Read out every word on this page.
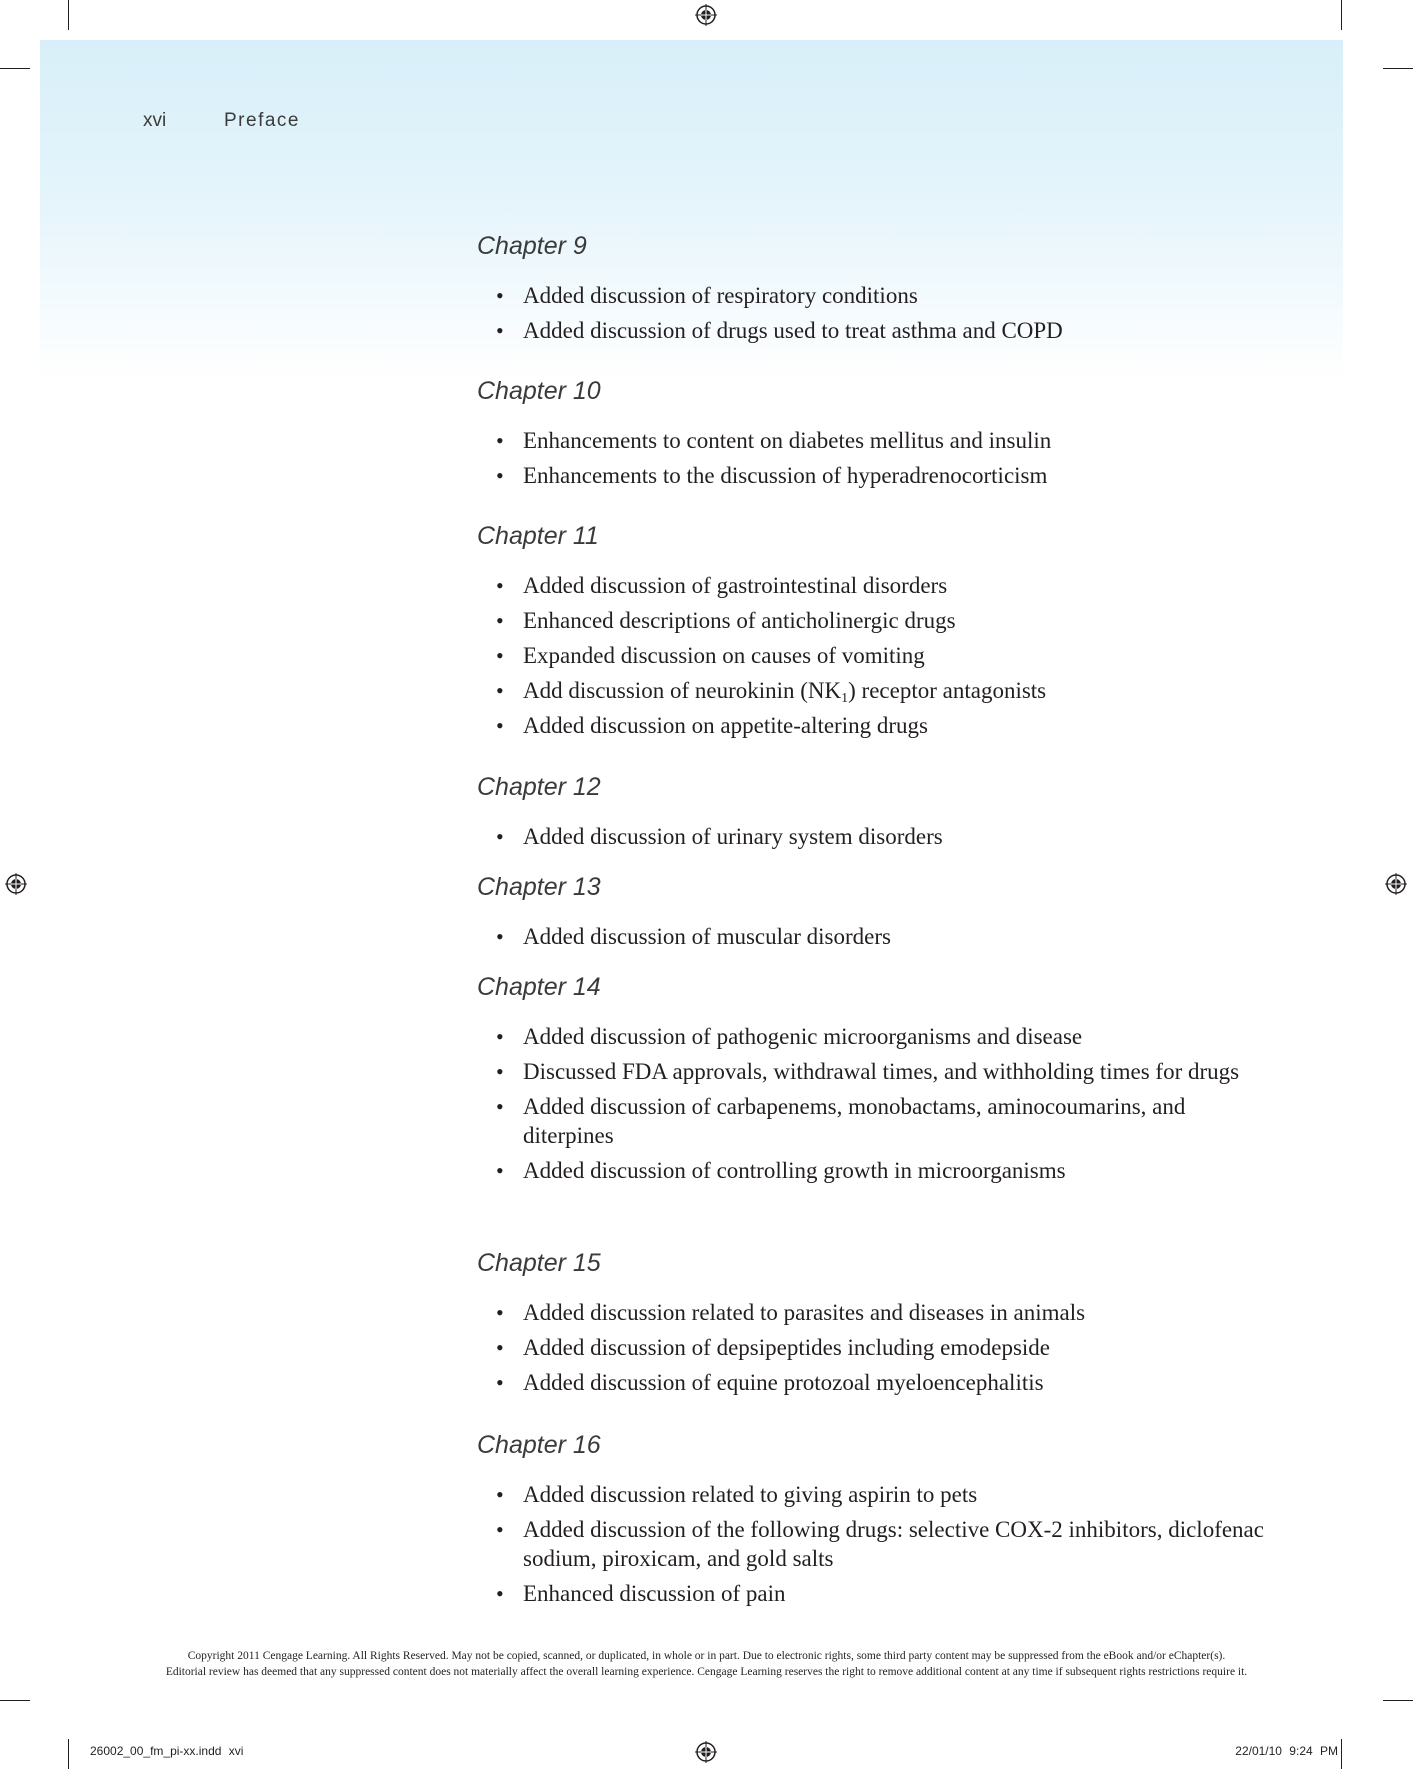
xvi	Preface
Chapter 9
• Added discussion of respiratory conditions
• Added discussion of drugs used to treat asthma and COPD
Chapter 10
• Enhancements to content on diabetes mellitus and insulin
• Enhancements to the discussion of hyperadrenocorticism
Chapter 11
• Added discussion of gastrointestinal disorders
• Enhanced descriptions of anticholinergic drugs
• Expanded discussion on causes of vomiting
• Add discussion of neurokinin $(NK_1)$ receptor antagonists
• Added discussion on appetite-altering drugs
Chapter 12
• Added discussion of urinary system disorders
Chapter 13
• Added discussion of muscular disorders
Chapter 14
• Added discussion of pathogenic microorganisms and disease
• Discussed FDA approvals, withdrawal times, and withholding times for drugs
• Added discussion of carbapenems, monobactams, aminocoumarins, and diterpines
• Added discussion of controlling growth in microorganisms
Chapter 15
• Added discussion related to parasites and diseases in animals
• Added discussion of depsipeptides including emodepside
• Added discussion of equine protozoal myeloencephalitis
Chapter 16
• Added discussion related to giving aspirin to pets
• Added discussion of the following drugs: selective COX-2 inhibitors, diclofenac sodium, piroxicam, and gold salts
• Enhanced discussion of pain
Copyright 2011 Cengage Learning. All Rights Reserved. May not be copied, scanned, or duplicated, in whole or in part. Due to electronic rights, some third party content may be suppressed from the eBook and/or eChapter(s).
Editorial review has deemed that any suppressed content does not materially affect the overall learning experience. Cengage Learning reserves the right to remove additional content at any time if subsequent rights restrictions require it.
26002_00_fm_pi-xx.indd xvi	22/01/10 9:24 PM
